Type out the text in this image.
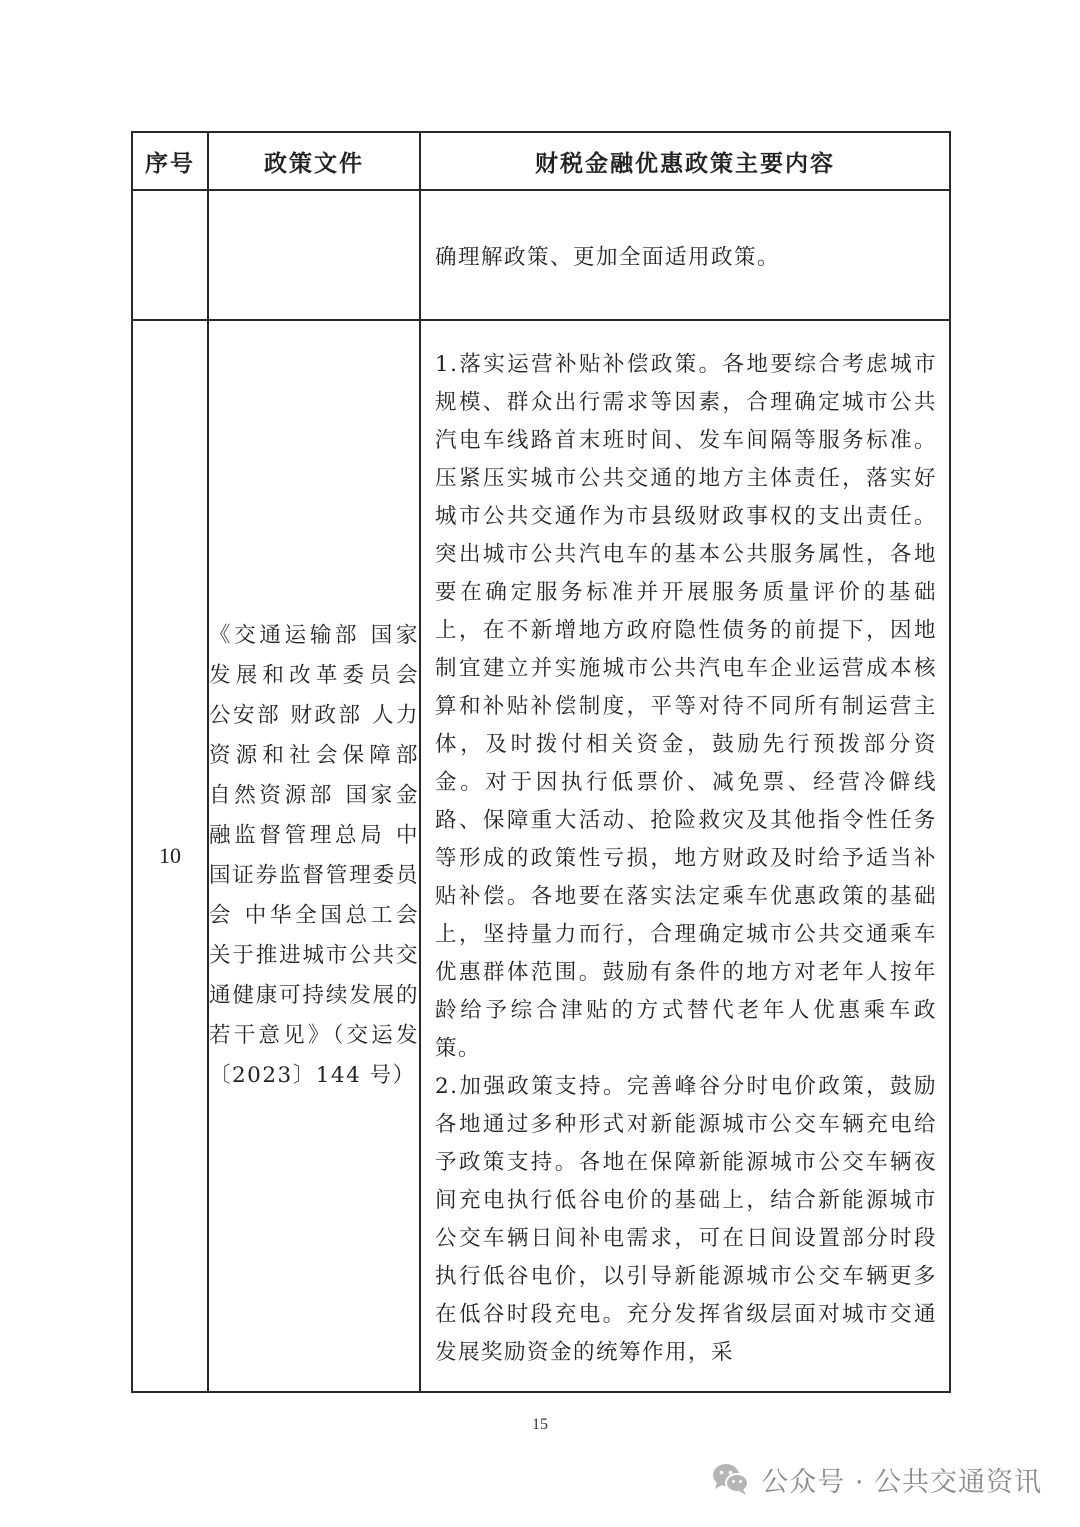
序号	政策文件	财税金融优惠政策主要内容

		确理解政策、更加全面适用政策。

10	《交通运输部 国家发展和改革委员会 公安部 财政部 人力资源和社会保障部 自然资源部 国家金融监督管理总局 中国证券监督管理委员会 中华全国总工会关于推进城市公共交通健康可持续发展的若干意见》（交运发〔2023〕144 号）	1.落实运营补贴补偿政策。各地要综合考虑城市规模、群众出行需求等因素，合理确定城市公共汽电车线路首末班时间、发车间隔等服务标准。压紧压实城市公共交通的地方主体责任，落实好城市公共交通作为市县级财政事权的支出责任。突出城市公共汽电车的基本公共服务属性，各地要在确定服务标准并开展服务质量评价的基础上，在不新增地方政府隐性债务的前提下，因地制宜建立并实施城市公共汽电车企业运营成本核算和补贴补偿制度，平等对待不同所有制运营主体，及时拨付相关资金，鼓励先行预拨部分资金。对于因执行低票价、减免票、经营冷僻线路、保障重大活动、抢险救灾及其他指令性任务等形成的政策性亏损，地方财政及时给予适当补贴补偿。各地要在落实法定乘车优惠政策的基础上，坚持量力而行，合理确定城市公共交通乘车优惠群体范围。鼓励有条件的地方对老年人按年龄给予综合津贴的方式替代老年人优惠乘车政策。

2.加强政策支持。完善峰谷分时电价政策，鼓励各地通过多种形式对新能源城市公交车辆充电给予政策支持。各地在保障新能源城市公交车辆夜间充电执行低谷电价的基础上，结合新能源城市公交车辆日间补电需求，可在日间设置部分时段执行低谷电价，以引导新能源城市公交车辆更多在低谷时段充电。充分发挥省级层面对城市交通发展奖励资金的统筹作用，采

15
公众号 · 公共交通资讯
